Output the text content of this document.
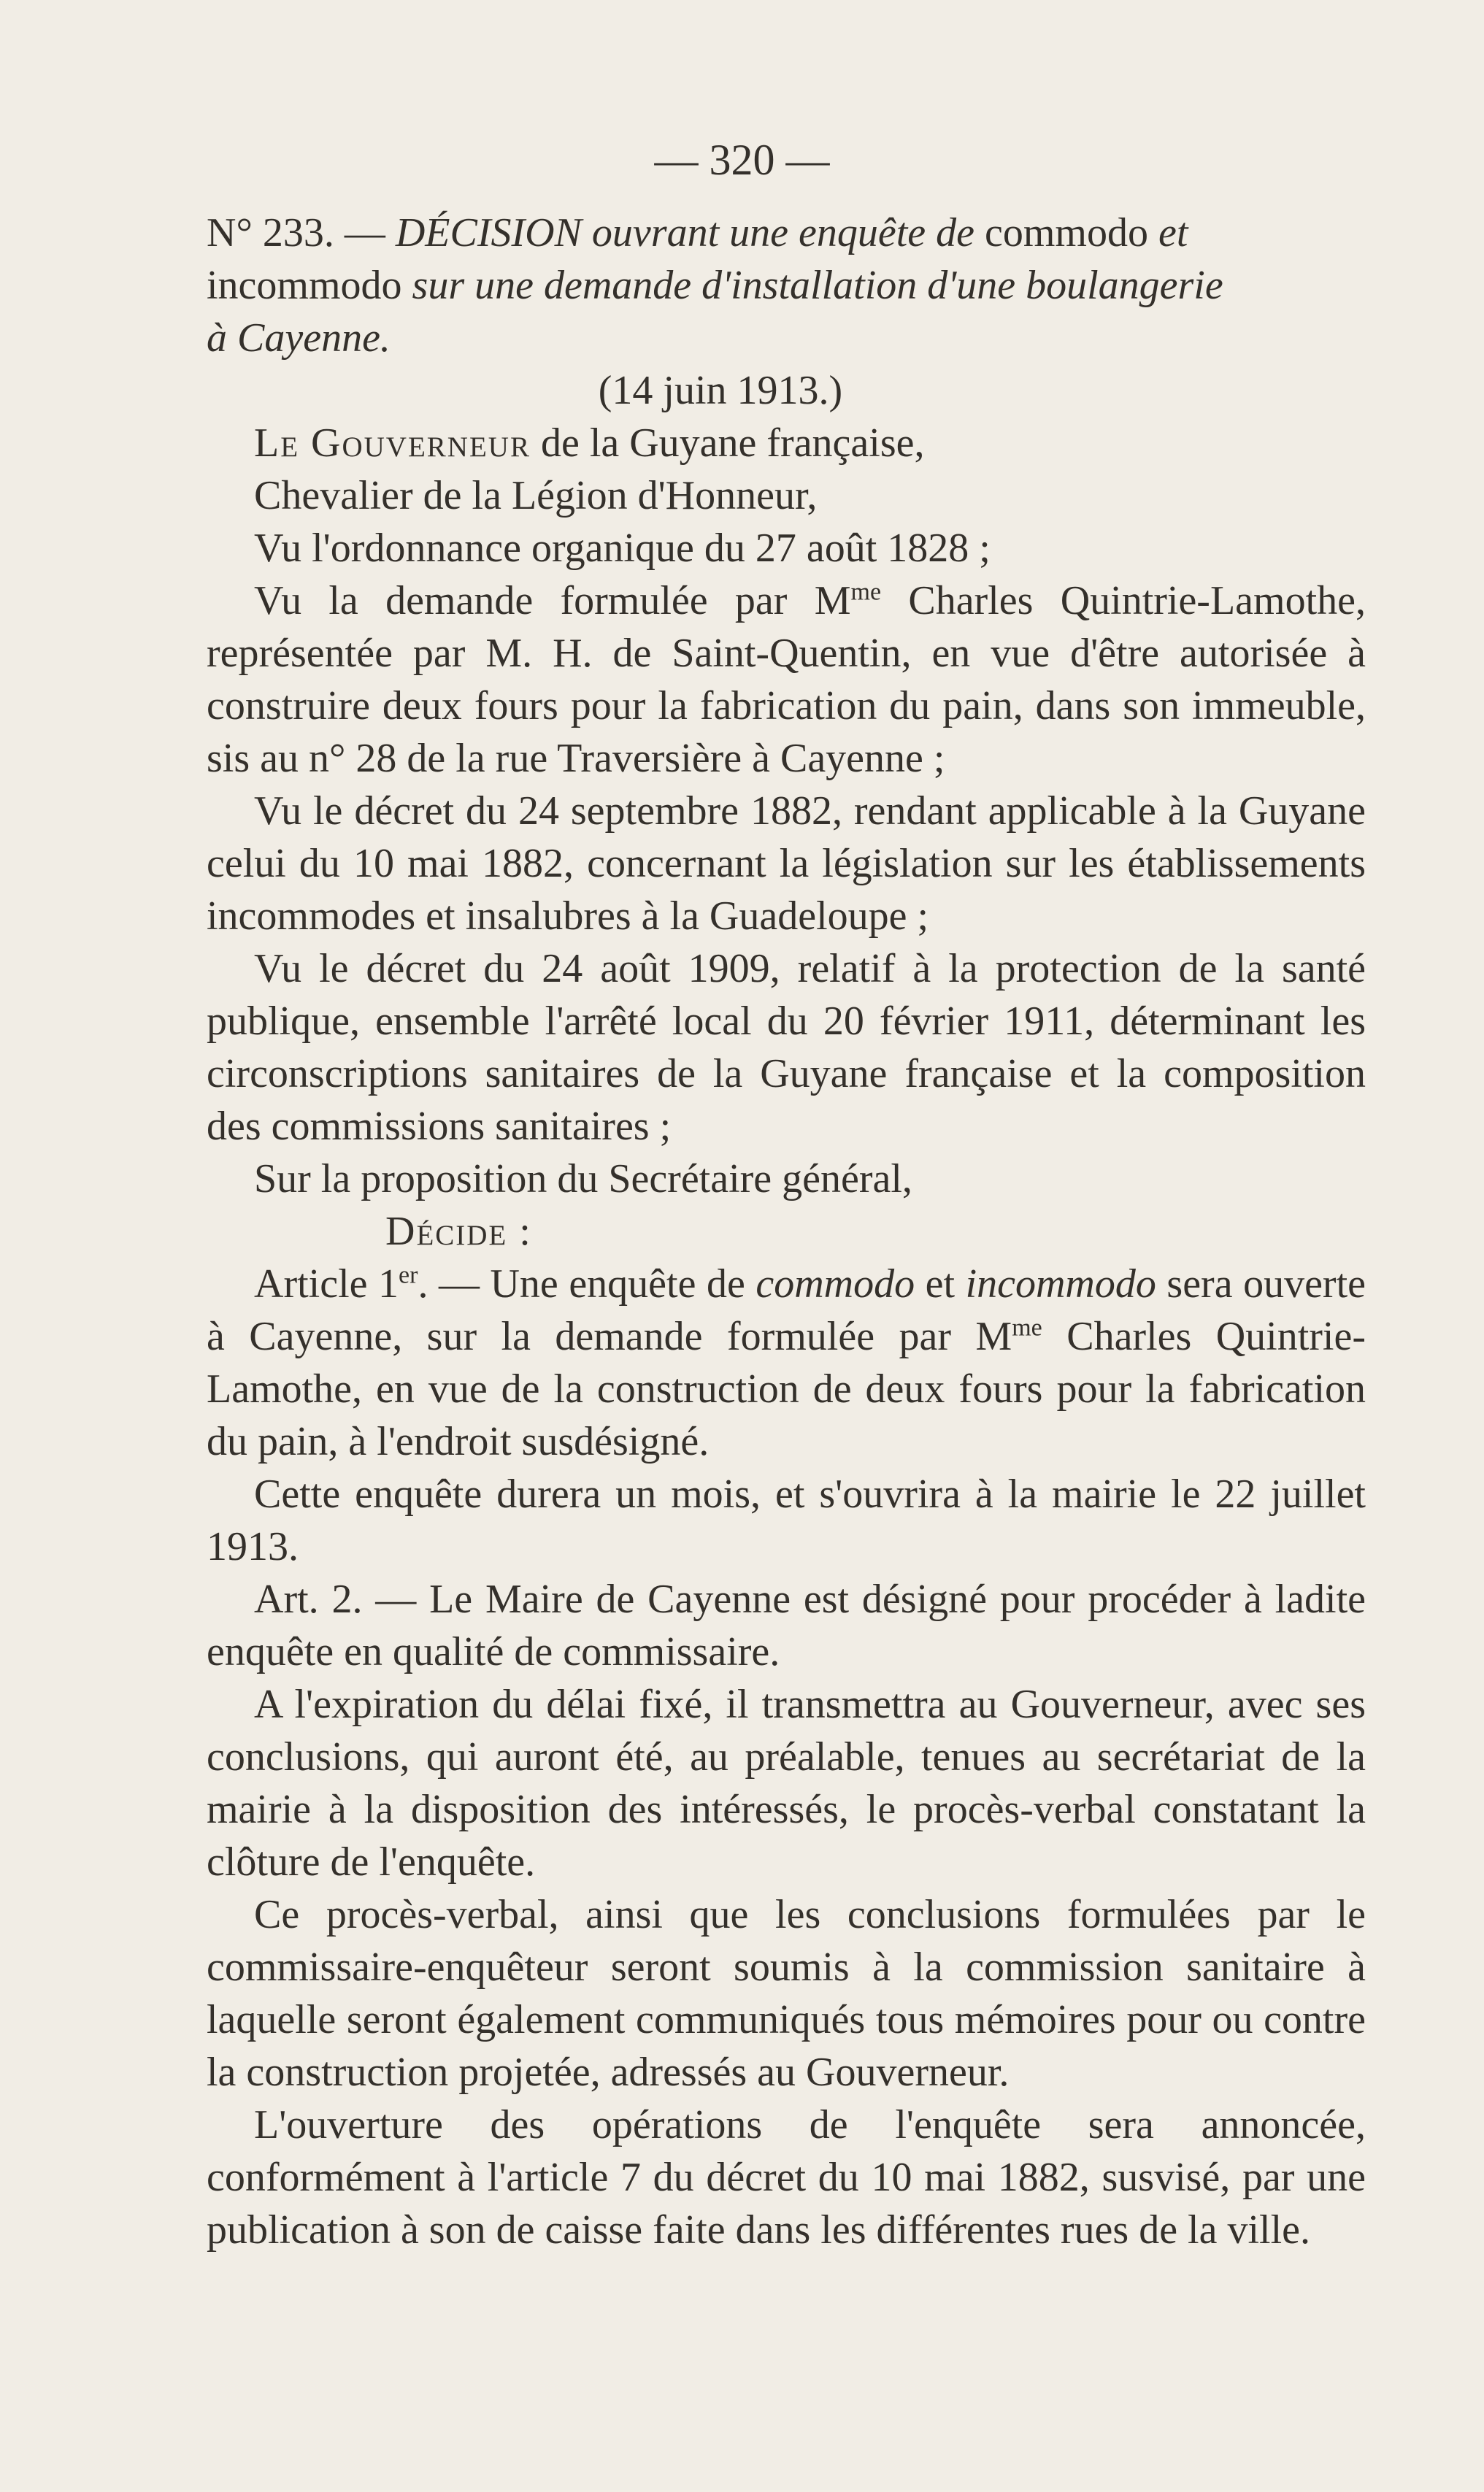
— 320 —

N° 233. — DÉCISION ouvrant une enquête de commodo et
incommodo sur une demande d'installation d'une boulangerie
à Cayenne.

(14 juin 1913.)

Le Gouverneur de la Guyane française,

Chevalier de la Légion d'Honneur,

Vu l'ordonnance organique du 27 août 1828 ;

Vu la demande formulée par $M^{me}$ Charles Quintrie-Lamothe, représentée par M. H. de Saint-Quentin, en vue d'être autorisée à construire deux fours pour la fabrication du pain, dans son immeuble, sis au n° 28 de la rue Traversière à Cayenne ;

Vu le décret du 24 septembre 1882, rendant applicable à la Guyane celui du 10 mai 1882, concernant la législation sur les établissements incommodes et insalubres à la Guadeloupe ;

Vu le décret du 24 août 1909, relatif à la protection de la santé publique, ensemble l'arrêté local du 20 février 1911, déterminant les circonscriptions sanitaires de la Guyane française et la composition des commissions sanitaires ;

Sur la proposition du Secrétaire général,

Décide :

Article 1er. — Une enquête de commodo et incommodo sera ouverte à Cayenne, sur la demande formulée par $M^{me}$ Charles Quintrie-Lamothe, en vue de la construction de deux fours pour la fabrication du pain, à l'endroit susdésigné.

Cette enquête durera un mois, et s'ouvrira à la mairie le 22 juillet 1913.

Art. 2. — Le Maire de Cayenne est désigné pour procéder à ladite enquête en qualité de commissaire.

A l'expiration du délai fixé, il transmettra au Gouverneur, avec ses conclusions, qui auront été, au préalable, tenues au secrétariat de la mairie à la disposition des intéressés, le procès-verbal constatant la clôture de l'enquête.

Ce procès-verbal, ainsi que les conclusions formulées par le commissaire-enquêteur seront soumis à la commission sanitaire à laquelle seront également communiqués tous mémoires pour ou contre la construction projetée, adressés au Gouverneur.

L'ouverture des opérations de l'enquête sera annoncée, conformément à l'article 7 du décret du 10 mai 1882, susvisé, par une publication à son de caisse faite dans les différentes rues de la ville.
